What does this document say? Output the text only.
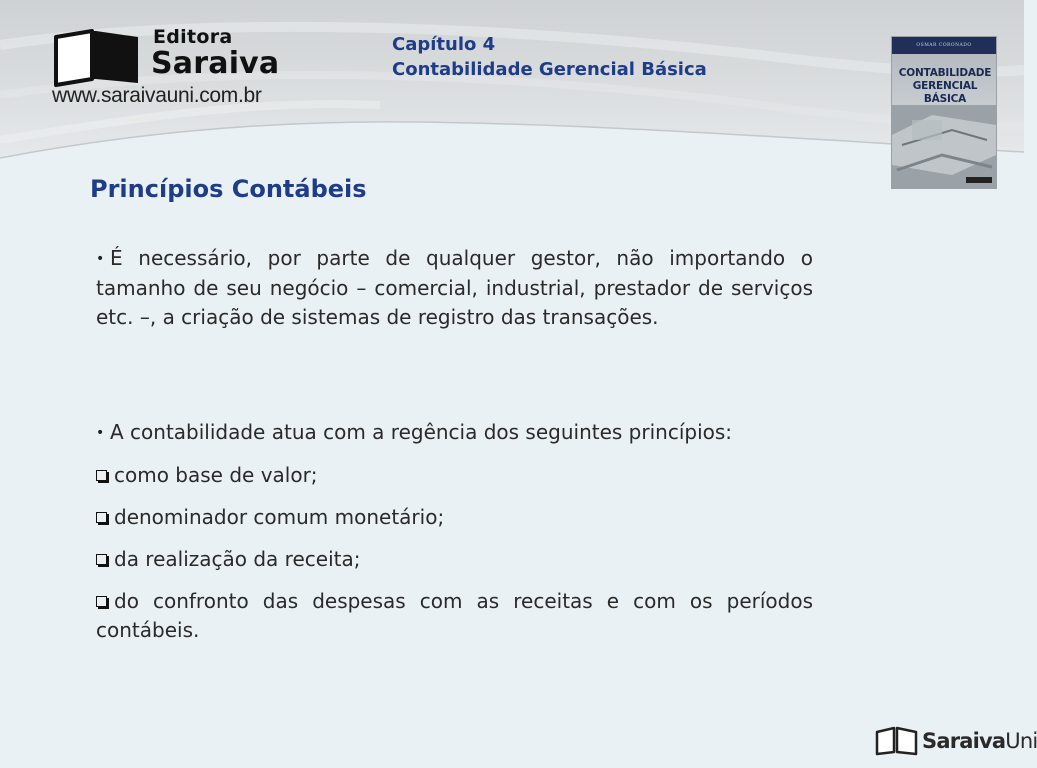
Editora
Saraiva
www.saraivauni.com.br
Capítulo 4
Contabilidade Gerencial Básica
OSMAR CORONADO
CONTABILIDADE
GERENCIAL BÁSICA
Princípios Contábeis

• É necessário, por parte de qualquer gestor, não importando o tamanho de seu negócio – comercial, industrial, prestador de serviços etc. –, a criação de sistemas de registro das transações.

• A contabilidade atua com a regência dos seguintes princípios:

como base de valor;

denominador comum monetário;

da realização da receita;

do confronto das despesas com as receitas e com os períodos contábeis.

SaraivaUni
